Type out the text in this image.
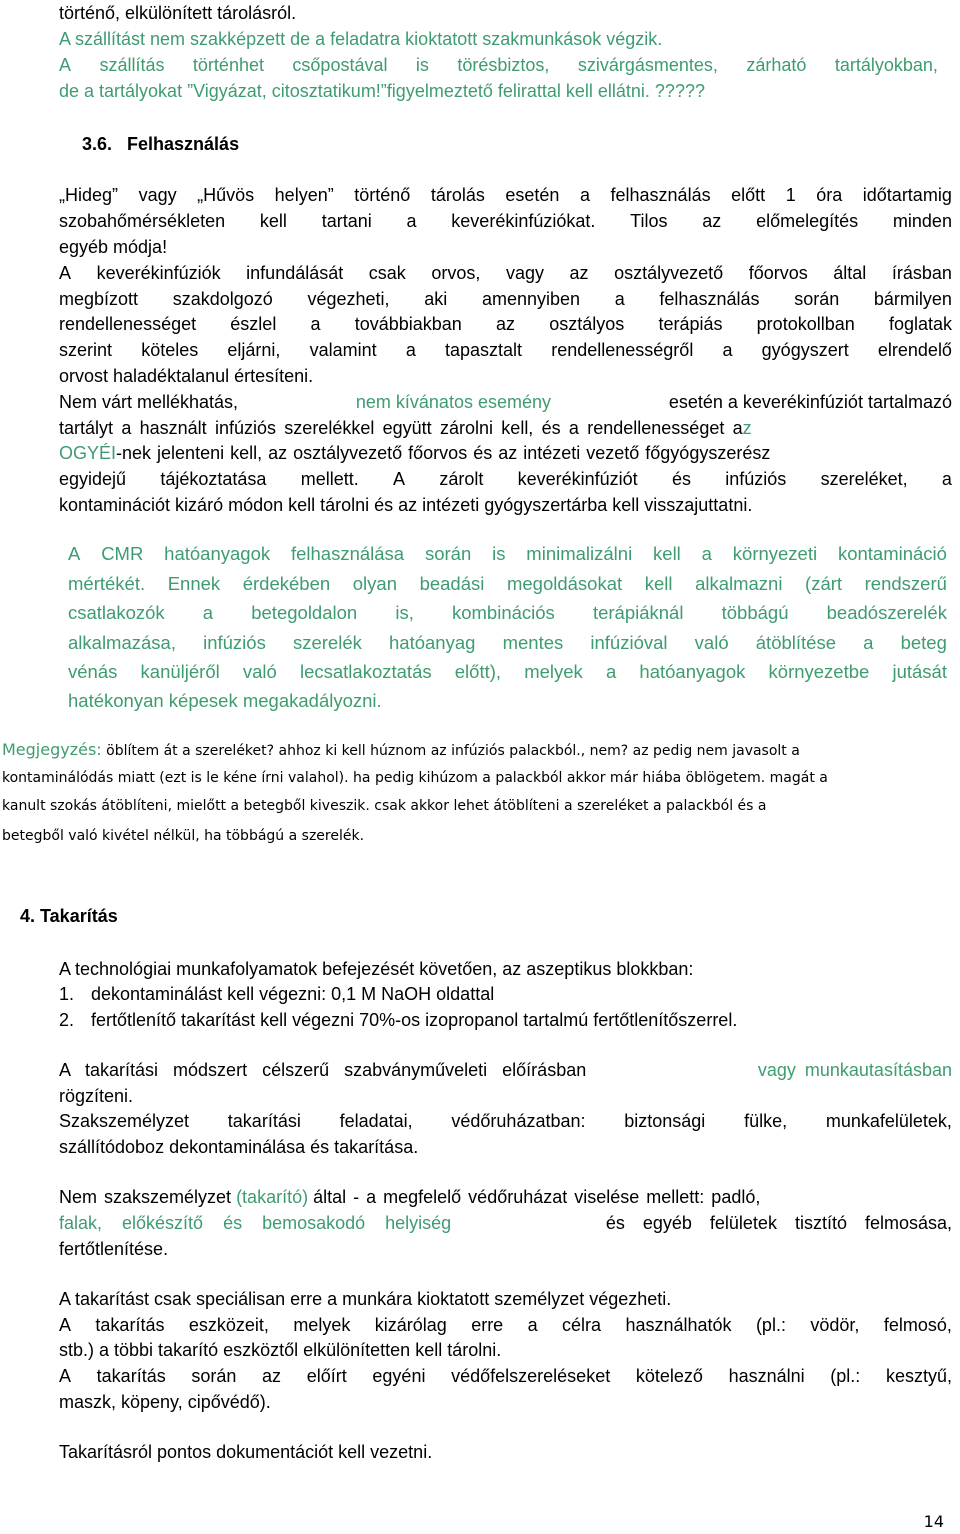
történő, elkülönített tárolásról.
A szállítást nem szakképzett de a feladatra kioktatott szakmunkások végzik.
A szállítás történhet csőpostával is törésbiztos, szivárgásmentes, zárható tartályokban,
de a tartályokat ”Vigyázat, citosztatikum!”figyelmeztető felirattal kell ellátni. ?????
3.6.   Felhasználás
„Hideg” vagy „Hűvös helyen” történő tárolás esetén a felhasználás előtt 1 óra időtartamig
szobahőmérsékleten kell tartani a keverékinfúziókat. Tilos az előmelegítés minden
egyéb módja!
A keverékinfúziók infundálását csak orvos, vagy az osztályvezető főorvos által írásban
megbízott szakdolgozó végezheti, aki amennyiben a felhasználás során bármilyen
rendellenességet észlel a továbbiakban az osztályos terápiás protokollban foglatak
szerint köteles eljárni, valamint a tapasztalt rendellenességről a gyógyszert elrendelő
orvost haladéktalanul értesíteni.
Nem várt mellékhatás,	nem kívánatos esemény	esetén a keverékinfúziót tartalmazó
tartályt a használt infúziós szerelékkel együtt zárolni kell, és a rendellenességet az
OGYÉI-nek jelenteni kell, az osztályvezető főorvos és az intézeti vezető főgyógyszerész
egyidejű tájékoztatása mellett. A zárolt keverékinfúziót és infúziós szereléket, a
kontaminációt kizáró módon kell tárolni és az intézeti gyógyszertárba kell visszajuttatni.
A CMR hatóanyagok felhasználása során is minimalizálni kell a környezeti kontamináció
mértékét. Ennek érdekében olyan beadási megoldásokat kell alkalmazni (zárt rendszerű
csatlakozók a betegoldalon is, kombinációs terápiáknál többágú beadószerelék
alkalmazása, infúziós szerelék hatóanyag mentes infúzióval való átöblítése a beteg
vénás kanüljéről való lecsatlakoztatás előtt), melyek a hatóanyagok környezetbe jutását
hatékonyan képesek megakadályozni.
Megjegyzés: öblítem át a szereléket? ahhoz ki kell húznom az infúziós palackból., nem? az pedig nem javasolt a
kontaminálódás miatt (ezt is le kéne írni valahol). ha pedig kihúzom a palackból akkor már hiába öblögetem. magát a
kanult szokás átöblíteni, mielőtt a betegből kiveszik. csak akkor lehet átöblíteni a szereléket a palackból és a
betegből való kivétel nélkül, ha többágú a szerelék.
4. Takarítás
A technológiai munkafolyamatok befejezését követően, az aszeptikus blokkban:
1. dekontaminálást kell végezni: 0,1 M NaOH oldattal
2. fertőtlenítő takarítást kell végezni 70%-os izopropanol tartalmú fertőtlenítőszerrel.
A takarítási módszert célszerű szabványműveleti előírásban	vagy munkautasításban
rögzíteni.
Szakszemélyzet takarítási feladatai, védőruházatban: biztonsági fülke, munkafelületek,
szállítódoboz dekontaminálása és takarítása.
Nem szakszemélyzet (takarító) által - a megfelelő védőruházat viselése mellett: padló,
falak, előkészítő és bemosakodó helyiség	és egyéb felületek tisztító felmosása,
fertőtlenítése.
A takarítást csak speciálisan erre a munkára kioktatott személyzet végezheti.
A takarítás eszközeit, melyek kizárólag erre a célra használhatók (pl.: vödör, felmosó,
stb.) a többi takarító eszköztől elkülönítetten kell tárolni.
A takarítás során az előírt egyéni védőfelszereléseket kötelező használni (pl.: kesztyű,
maszk, köpeny, cipővédő).
Takarításról pontos dokumentációt kell vezetni.
14
